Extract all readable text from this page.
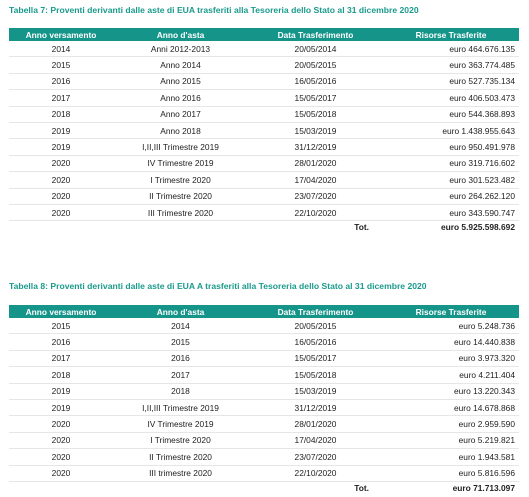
Tabella 7: Proventi derivanti dalle aste di EUA trasferiti alla Tesoreria dello Stato al 31 dicembre 2020
Anno versamento	Anno d'asta	Data Trasferimento	Risorse Trasferite
2014	Anni 2012-2013	20/05/2014	euro 464.676.135
2015	Anno 2014	20/05/2015	euro 363.774.485
2016	Anno 2015	16/05/2016	euro 527.735.134
2017	Anno 2016	15/05/2017	euro 406.503.473
2018	Anno 2017	15/05/2018	euro 544.368.893
2019	Anno 2018	15/03/2019	euro 1.438.955.643
2019	I,II,III Trimestre 2019	31/12/2019	euro 950.491.978
2020	IV Trimestre 2019	28/01/2020	euro 319.716.602
2020	I Trimestre 2020	17/04/2020	euro 301.523.482
2020	II Trimestre 2020	23/07/2020	euro 264.262.120
2020	III Trimestre 2020	22/10/2020	euro 343.590.747
		Tot.	euro 5.925.598.692
Tabella 8: Proventi derivanti dalle aste di EUA A trasferiti alla Tesoreria dello Stato al 31 dicembre 2020
Anno versamento	Anno d'asta	Data Trasferimento	Risorse Trasferite
2015	2014	20/05/2015	euro 5.248.736
2016	2015	16/05/2016	euro 14.440.838
2017	2016	15/05/2017	euro 3.973.320
2018	2017	15/05/2018	euro 4.211.404
2019	2018	15/03/2019	euro 13.220.343
2019	I,II,III Trimestre 2019	31/12/2019	euro 14.678.868
2020	IV Trimestre 2019	28/01/2020	euro 2.959.590
2020	I Trimestre 2020	17/04/2020	euro 5.219.821
2020	II Trimestre 2020	23/07/2020	euro 1.943.581
2020	III trimestre 2020	22/10/2020	euro 5.816.596
		Tot.	euro 71.713.097
